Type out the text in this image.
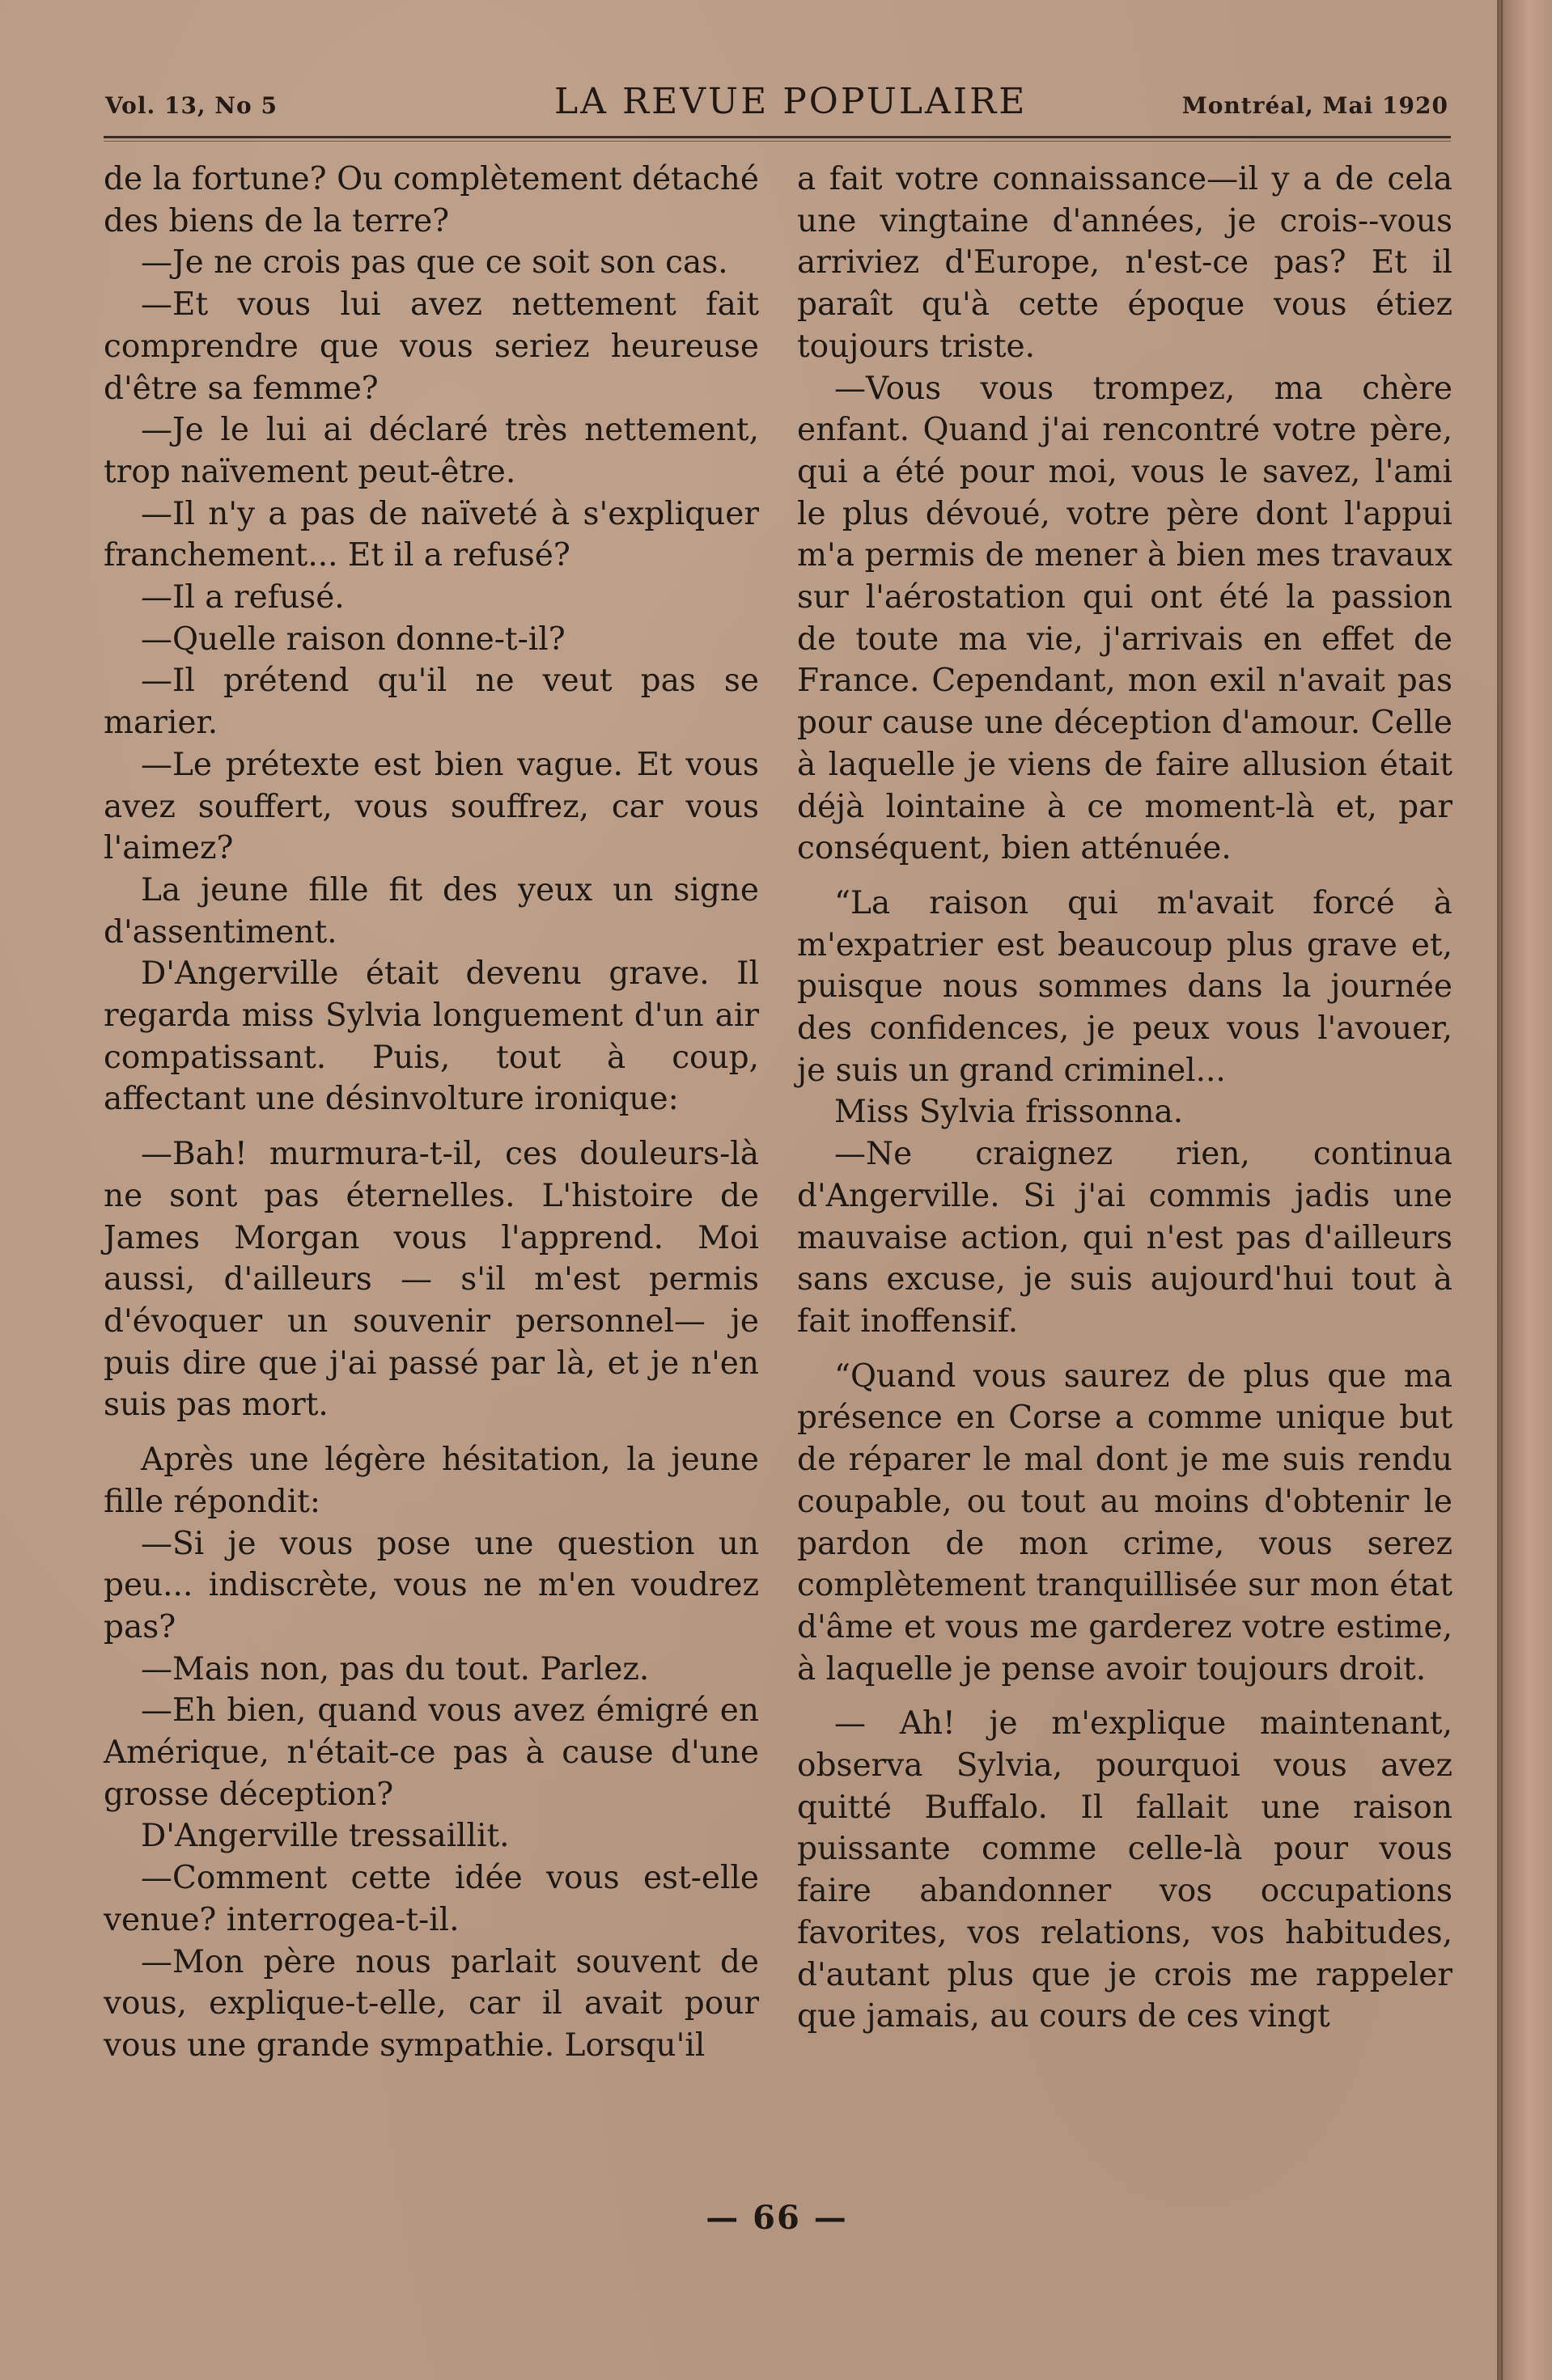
Vol. 13, No 5	LA REVUE POPULAIRE	Montréal, Mai 1920

de la fortune? Ou complètement détaché des biens de la terre?

—Je ne crois pas que ce soit son cas.

—Et vous lui avez nettement fait comprendre que vous seriez heureuse d'être sa femme?

—Je le lui ai déclaré très nettement, trop naïvement peut-être.

—Il n'y a pas de naïveté à s'expliquer franchement... Et il a refusé?

—Il a refusé.

—Quelle raison donne-t-il?

—Il prétend qu'il ne veut pas se marier.

—Le prétexte est bien vague. Et vous avez souffert, vous souffrez, car vous l'aimez?

La jeune fille fit des yeux un signe d'assentiment.

D'Angerville était devenu grave. Il regarda miss Sylvia longuement d'un air compatissant. Puis, tout à coup, affectant une désinvolture ironique:

—Bah! murmura-t-il, ces douleurs-là ne sont pas éternelles. L'histoire de James Morgan vous l'apprend. Moi aussi, d'ailleurs — s'il m'est permis d'évoquer un souvenir personnel— je puis dire que j'ai passé par là, et je n'en suis pas mort.

Après une légère hésitation, la jeune fille répondit:

—Si je vous pose une question un peu... indiscrète, vous ne m'en voudrez pas?

—Mais non, pas du tout. Parlez.

—Eh bien, quand vous avez émigré en Amérique, n'était-ce pas à cause d'une grosse déception?

D'Angerville tressaillit.

—Comment cette idée vous est-elle venue? interrogea-t-il.

—Mon père nous parlait souvent de vous, explique-t-elle, car il avait pour vous une grande sympathie. Lorsqu'il

a fait votre connaissance—il y a de cela une vingtaine d'années, je crois--vous arriviez d'Europe, n'est-ce pas? Et il paraît qu'à cette époque vous étiez toujours triste.

—Vous vous trompez, ma chère enfant. Quand j'ai rencontré votre père, qui a été pour moi, vous le savez, l'ami le plus dévoué, votre père dont l'appui m'a permis de mener à bien mes travaux sur l'aérostation qui ont été la passion de toute ma vie, j'arrivais en effet de France. Cependant, mon exil n'avait pas pour cause une déception d'amour. Celle à laquelle je viens de faire allusion était déjà lointaine à ce moment-là et, par conséquent, bien atténuée.

“La raison qui m'avait forcé à m'expatrier est beaucoup plus grave et, puisque nous sommes dans la journée des confidences, je peux vous l'avouer, je suis un grand criminel...

Miss Sylvia frissonna.

—Ne craignez rien, continua d'Angerville. Si j'ai commis jadis une mauvaise action, qui n'est pas d'ailleurs sans excuse, je suis aujourd'hui tout à fait inoffensif.

“Quand vous saurez de plus que ma présence en Corse a comme unique but de réparer le mal dont je me suis rendu coupable, ou tout au moins d'obtenir le pardon de mon crime, vous serez complètement tranquillisée sur mon état d'âme et vous me garderez votre estime, à laquelle je pense avoir toujours droit.

— Ah! je m'explique maintenant, observa Sylvia, pourquoi vous avez quitté Buffalo. Il fallait une raison puissante comme celle-là pour vous faire abandonner vos occupations favorites, vos relations, vos habitudes, d'autant plus que je crois me rappeler que jamais, au cours de ces vingt

— 66 —
